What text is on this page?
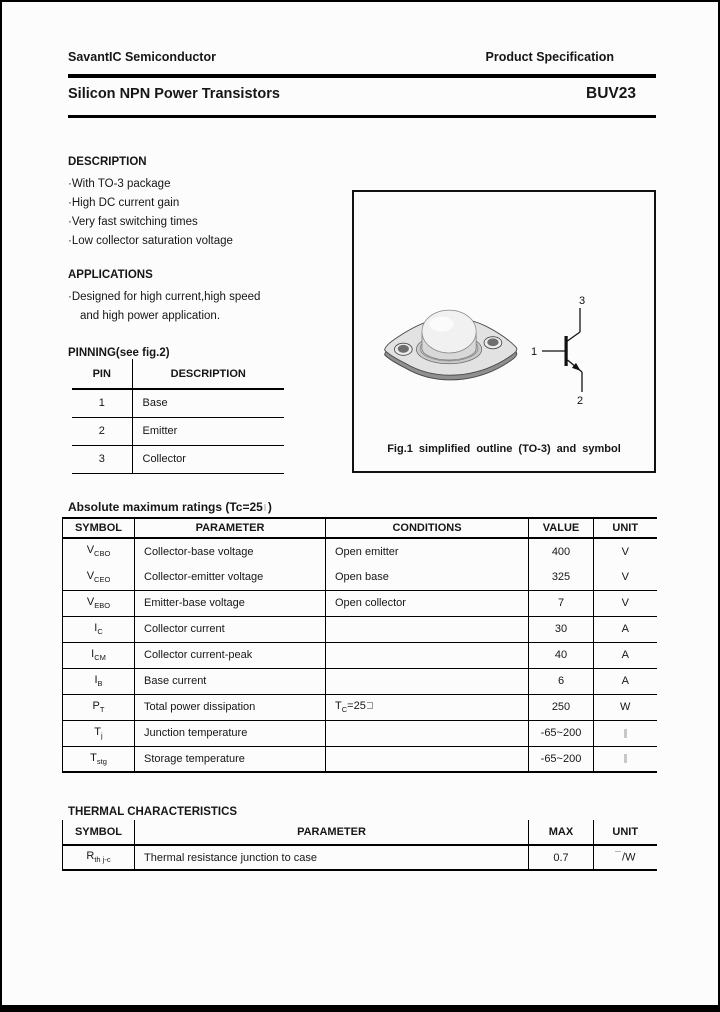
SavantIC Semiconductor	Product Specification
Silicon NPN Power Transistors	BUV23
DESCRIPTION
·With TO-3 package
·High DC current gain
·Very fast switching times
·Low collector saturation voltage
APPLICATIONS
·Designed for high current,high speed
and high power application.
PINNING(see fig.2)
PIN	DESCRIPTION
1	Base
2	Emitter
3	Collector
3
1
2
Fig.1 simplified outline (TO-3) and symbol
Absolute maximum ratings (Tc=25 )
SYMBOL	PARAMETER	CONDITIONS	VALUE	UNIT
$V_{CBO}$	Collector-base voltage	Open emitter	400	V
$V_{CEO}$	Collector-emitter voltage	Open base	325	V
$V_{EBO}$	Emitter-base voltage	Open collector	7	V
$I_C$	Collector current		30	A
$I_{CM}$	Collector current-peak		40	A
$I_B$	Base current		6	A
$P_T$	Total power dissipation	$T_C=25$	250	W
$T_j$	Junction temperature		-65~200	
$T_{stg}$	Storage temperature		-65~200	
THERMAL CHARACTERISTICS
SYMBOL	PARAMETER	MAX	UNIT
$R_{th j-c}$	Thermal resistance junction to case	0.7	/W
